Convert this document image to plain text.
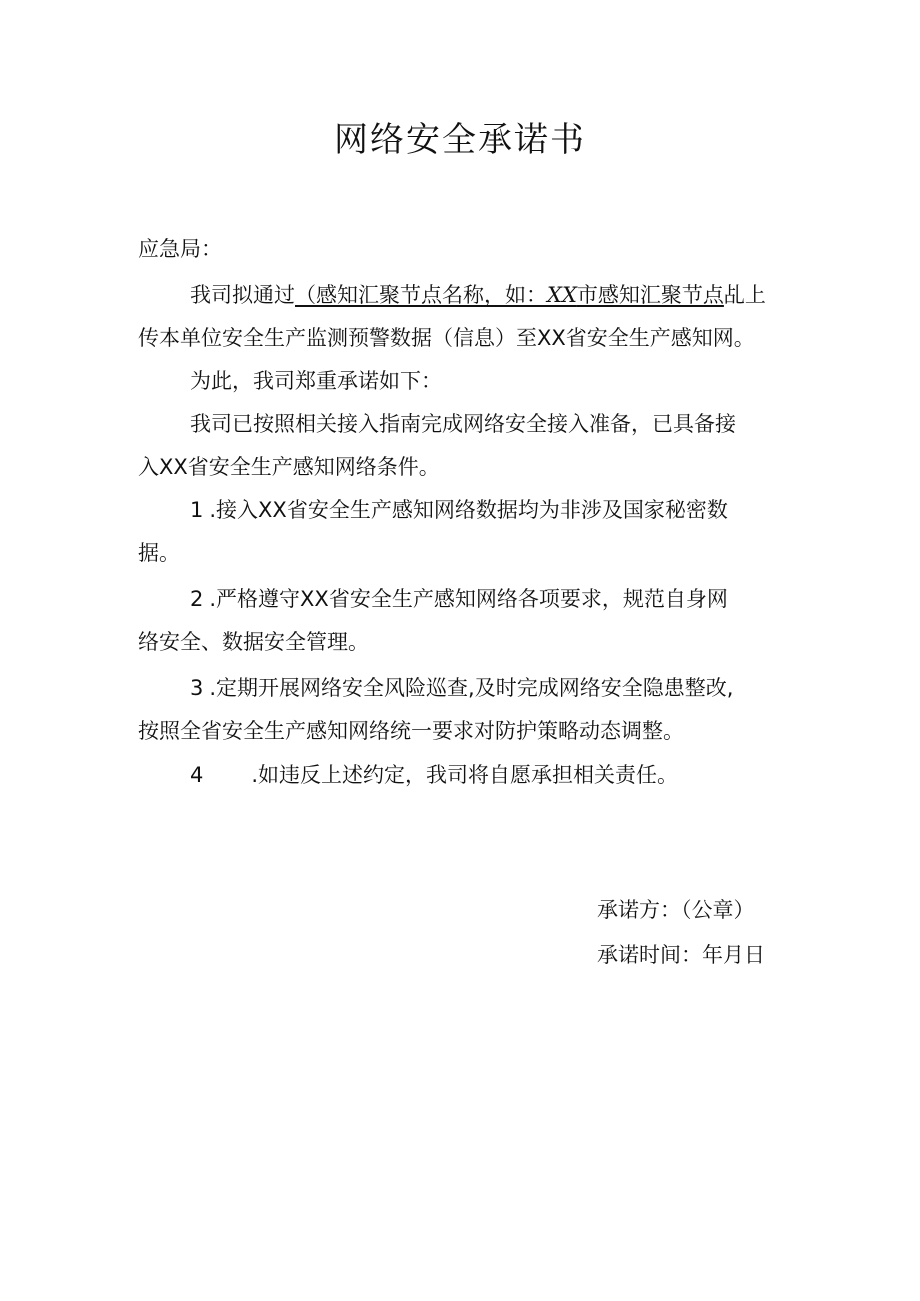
网络安全承诺书
应急局：
我司拟通过（感知汇聚节点名称，如：XX市感知汇聚节点乩上
传本单位安全生产监测预警数据（信息）至XX省安全生产感知网。
为此，我司郑重承诺如下：
我司已按照相关接入指南完成网络安全接入准备，已具备接
入XX省安全生产感知网络条件。
1 .接入XX省安全生产感知网络数据均为非涉及国家秘密数
据。
2 .严格遵守XX省安全生产感知网络各项要求，规范自身网
络安全、数据安全管理。
3 .定期开展网络安全风险巡查,及时完成网络安全隐患整改,
按照全省安全生产感知网络统一要求对防护策略动态调整。
4 .如违反上述约定，我司将自愿承担相关责任。
承诺方：（公章）
承诺时间：年月日
